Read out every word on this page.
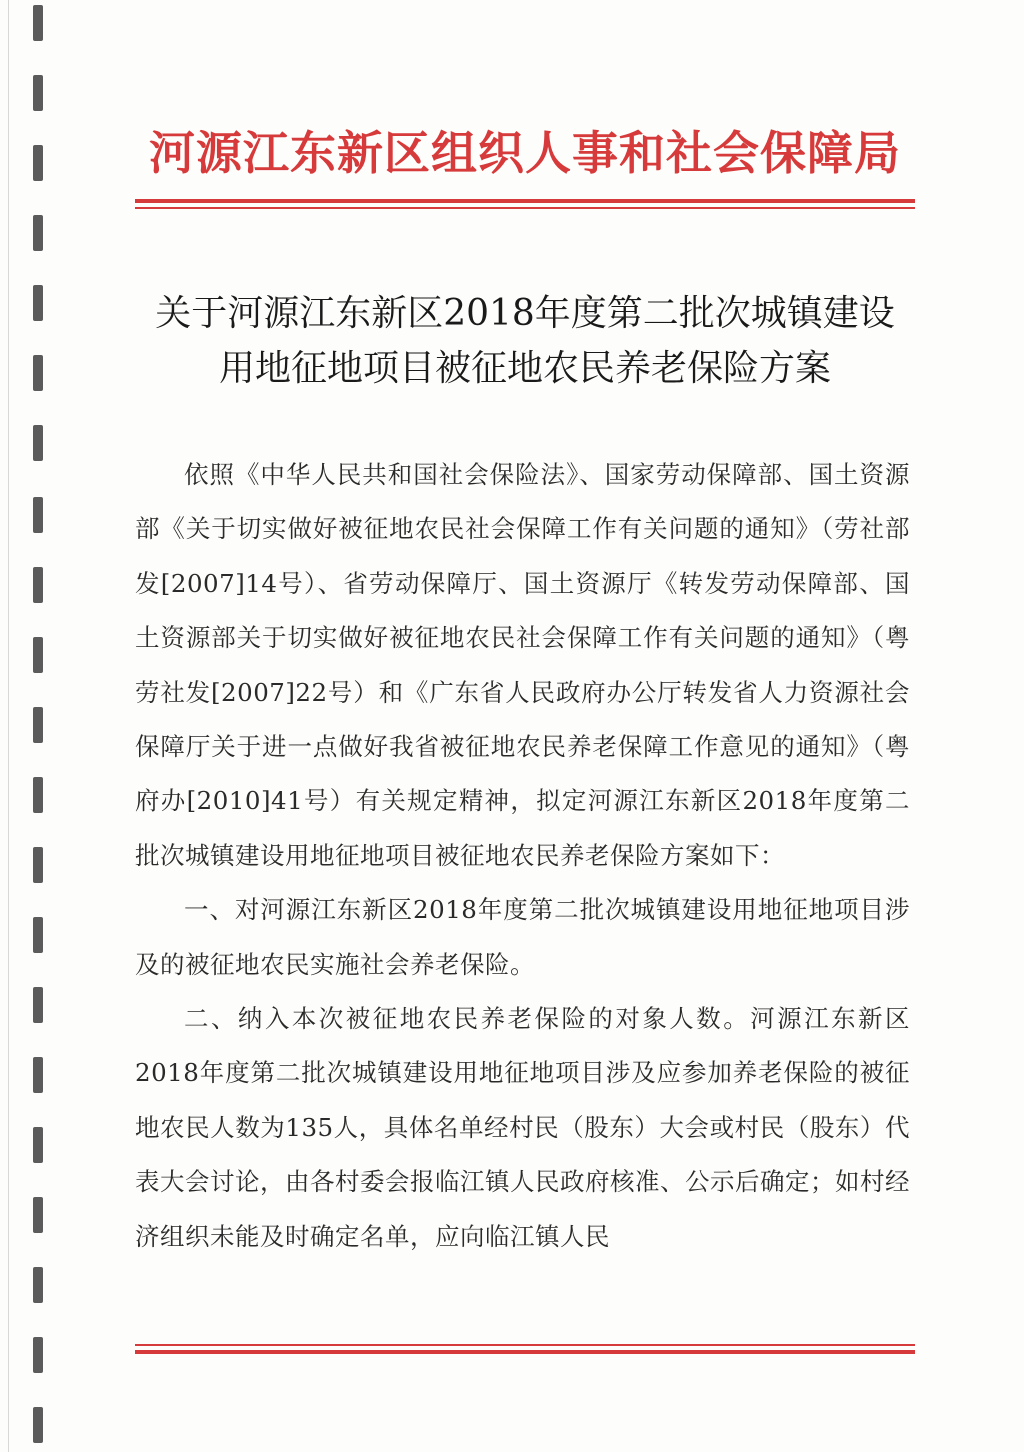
河源江东新区组织人事和社会保障局
关于河源江东新区2018年度第二批次城镇建设
用地征地项目被征地农民养老保险方案

依照《中华人民共和国社会保险法》、国家劳动保障部、国土资源部《关于切实做好被征地农民社会保障工作有关问题的通知》（劳社部发[2007]14号）、省劳动保障厅、国土资源厅《转发劳动保障部、国土资源部关于切实做好被征地农民社会保障工作有关问题的通知》（粤劳社发[2007]22号）和《广东省人民政府办公厅转发省人力资源社会保障厅关于进一点做好我省被征地农民养老保障工作意见的通知》（粤府办[2010]41号）有关规定精神，拟定河源江东新区2018年度第二批次城镇建设用地征地项目被征地农民养老保险方案如下：

一、对河源江东新区2018年度第二批次城镇建设用地征地项目涉及的被征地农民实施社会养老保险。

二、纳入本次被征地农民养老保险的对象人数。河源江东新区2018年度第二批次城镇建设用地征地项目涉及应参加养老保险的被征地农民人数为135人，具体名单经村民（股东）大会或村民（股东）代表大会讨论，由各村委会报临江镇人民政府核准、公示后确定；如村经济组织未能及时确定名单，应向临江镇人民
